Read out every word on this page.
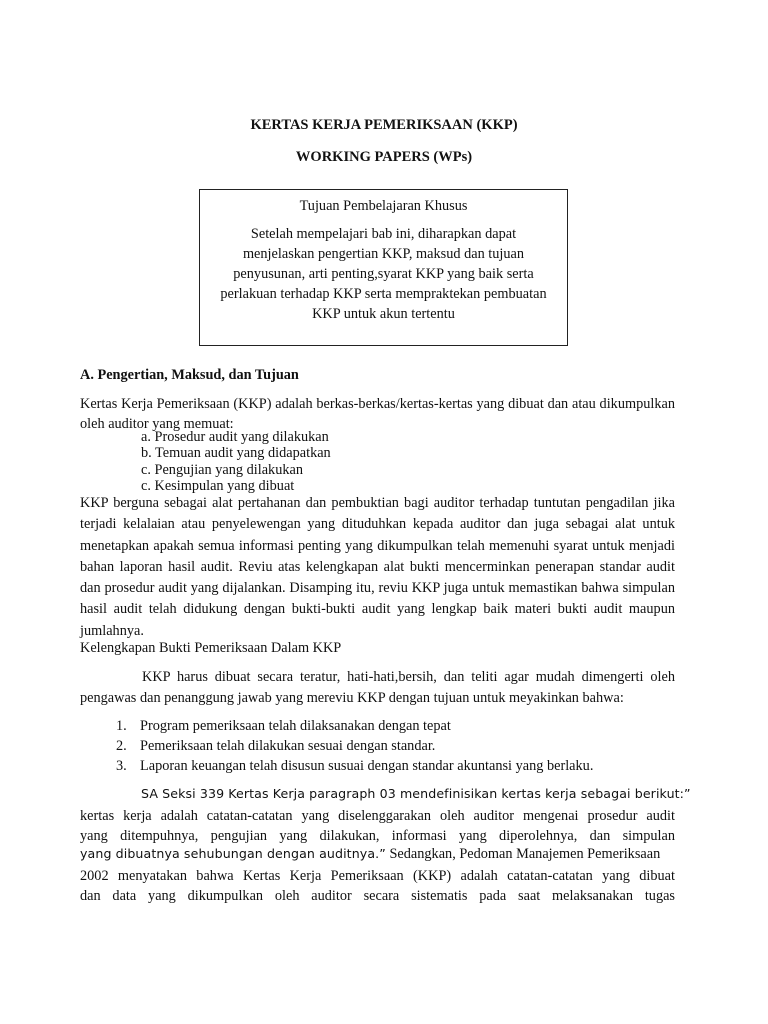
KERTAS KERJA PEMERIKSAAN (KKP)
WORKING PAPERS (WPs)
Tujuan Pembelajaran Khusus
Setelah mempelajari bab ini, diharapkan dapat menjelaskan pengertian KKP, maksud dan tujuan penyusunan, arti penting,syarat KKP yang baik serta perlakuan terhadap KKP serta mempraktekan pembuatan KKP untuk akun tertentu
A. Pengertian, Maksud, dan Tujuan
Kertas Kerja Pemeriksaan (KKP) adalah berkas-berkas/kertas-kertas yang dibuat dan atau dikumpulkan oleh auditor yang memuat:
a. Prosedur audit yang dilakukan
b. Temuan audit yang didapatkan
c. Pengujian yang dilakukan
c. Kesimpulan yang dibuat
KKP berguna sebagai alat pertahanan dan pembuktian bagi auditor terhadap tuntutan pengadilan jika terjadi kelalaian atau penyelewengan yang dituduhkan kepada auditor dan juga sebagai alat untuk menetapkan apakah semua informasi penting yang dikumpulkan telah memenuhi syarat untuk menjadi bahan laporan hasil audit. Reviu atas kelengkapan alat bukti mencerminkan penerapan standar audit dan prosedur audit yang dijalankan. Disamping itu, reviu KKP juga untuk memastikan bahwa simpulan hasil audit telah didukung dengan bukti-bukti audit yang lengkap baik materi bukti audit maupun jumlahnya.
Kelengkapan Bukti Pemeriksaan Dalam KKP
KKP harus dibuat secara teratur, hati-hati,bersih, dan teliti agar mudah dimengerti oleh pengawas dan penanggung jawab yang mereviu KKP dengan tujuan untuk meyakinkan bahwa:
1. Program pemeriksaan telah dilaksanakan dengan tepat
2. Pemeriksaan telah dilakukan sesuai dengan standar.
3. Laporan keuangan telah disusun susuai dengan standar akuntansi yang berlaku.
SA Seksi 339 Kertas Kerja paragraph 03 mendefinisikan kertas kerja sebagai berikut:”
kertas kerja adalah catatan-catatan yang diselenggarakan oleh auditor mengenai prosedur audit
yang ditempuhnya, pengujian yang dilakukan, informasi yang diperolehnya, dan simpulan
yang dibuatnya sehubungan dengan auditnya.” Sedangkan, Pedoman Manajemen Pemeriksaan
2002 menyatakan bahwa Kertas Kerja Pemeriksaan (KKP) adalah catatan-catatan yang dibuat
dan data yang dikumpulkan oleh auditor secara sistematis pada saat melaksanakan tugas
